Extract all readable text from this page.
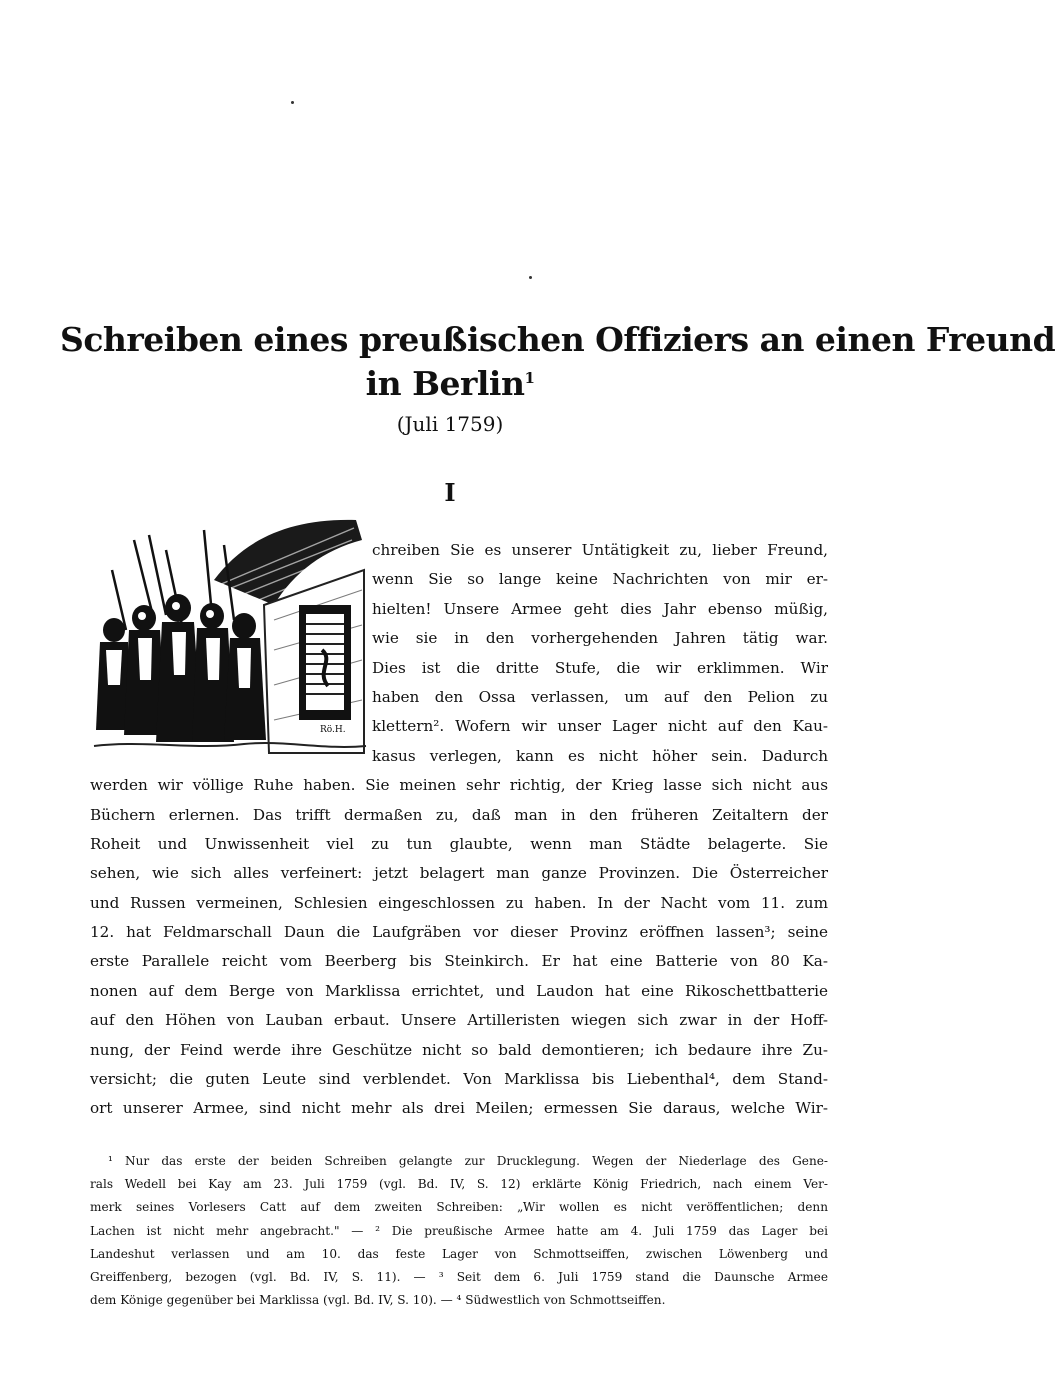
Schreiben eines preußischen Offiziers an einen Freund
in Berlin$^1$
(Juli 1759)
I
Rö.H.
chreiben Sie es unserer Untätigkeit zu, lieber Freund,
wenn Sie so lange keine Nachrichten von mir er-
hielten! Unsere Armee geht dies Jahr ebenso müßig,
wie sie in den vorhergehenden Jahren tätig war.
Dies ist die dritte Stufe, die wir erklimmen. Wir
haben den Ossa verlassen, um auf den Pelion zu
klettern². Wofern wir unser Lager nicht auf den Kau-
kasus verlegen, kann es nicht höher sein. Dadurch
werden wir völlige Ruhe haben. Sie meinen sehr richtig, der Krieg lasse sich nicht aus
Büchern erlernen. Das trifft dermaßen zu, daß man in den früheren Zeitaltern der
Roheit und Unwissenheit viel zu tun glaubte, wenn man Städte belagerte. Sie
sehen, wie sich alles verfeinert: jetzt belagert man ganze Provinzen. Die Österreicher
und Russen vermeinen, Schlesien eingeschlossen zu haben. In der Nacht vom 11. zum
12. hat Feldmarschall Daun die Laufgräben vor dieser Provinz eröffnen lassen³; seine
erste Parallele reicht vom Beerberg bis Steinkirch. Er hat eine Batterie von 80 Ka-
nonen auf dem Berge von Marklissa errichtet, und Laudon hat eine Rikoschettbatterie
auf den Höhen von Lauban erbaut. Unsere Artilleristen wiegen sich zwar in der Hoff-
nung, der Feind werde ihre Geschütze nicht so bald demontieren; ich bedaure ihre Zu-
versicht; die guten Leute sind verblendet. Von Marklissa bis Liebenthal⁴, dem Stand-
ort unserer Armee, sind nicht mehr als drei Meilen; ermessen Sie daraus, welche Wir-
¹ Nur das erste der beiden Schreiben gelangte zur Drucklegung. Wegen der Niederlage des Gene-
rals Wedell bei Kay am 23. Juli 1759 (vgl. Bd. IV, S. 12) erklärte König Friedrich, nach einem Ver-
merk seines Vorlesers Catt auf dem zweiten Schreiben: „Wir wollen es nicht veröffentlichen; denn
Lachen ist nicht mehr angebracht." — ² Die preußische Armee hatte am 4. Juli 1759 das Lager bei
Landeshut verlassen und am 10. das feste Lager von Schmottseiffen, zwischen Löwenberg und
Greiffenberg, bezogen (vgl. Bd. IV, S. 11). — ³ Seit dem 6. Juli 1759 stand die Daunsche Armee
dem Könige gegenüber bei Marklissa (vgl. Bd. IV, S. 10). — ⁴ Südwestlich von Schmottseiffen.
